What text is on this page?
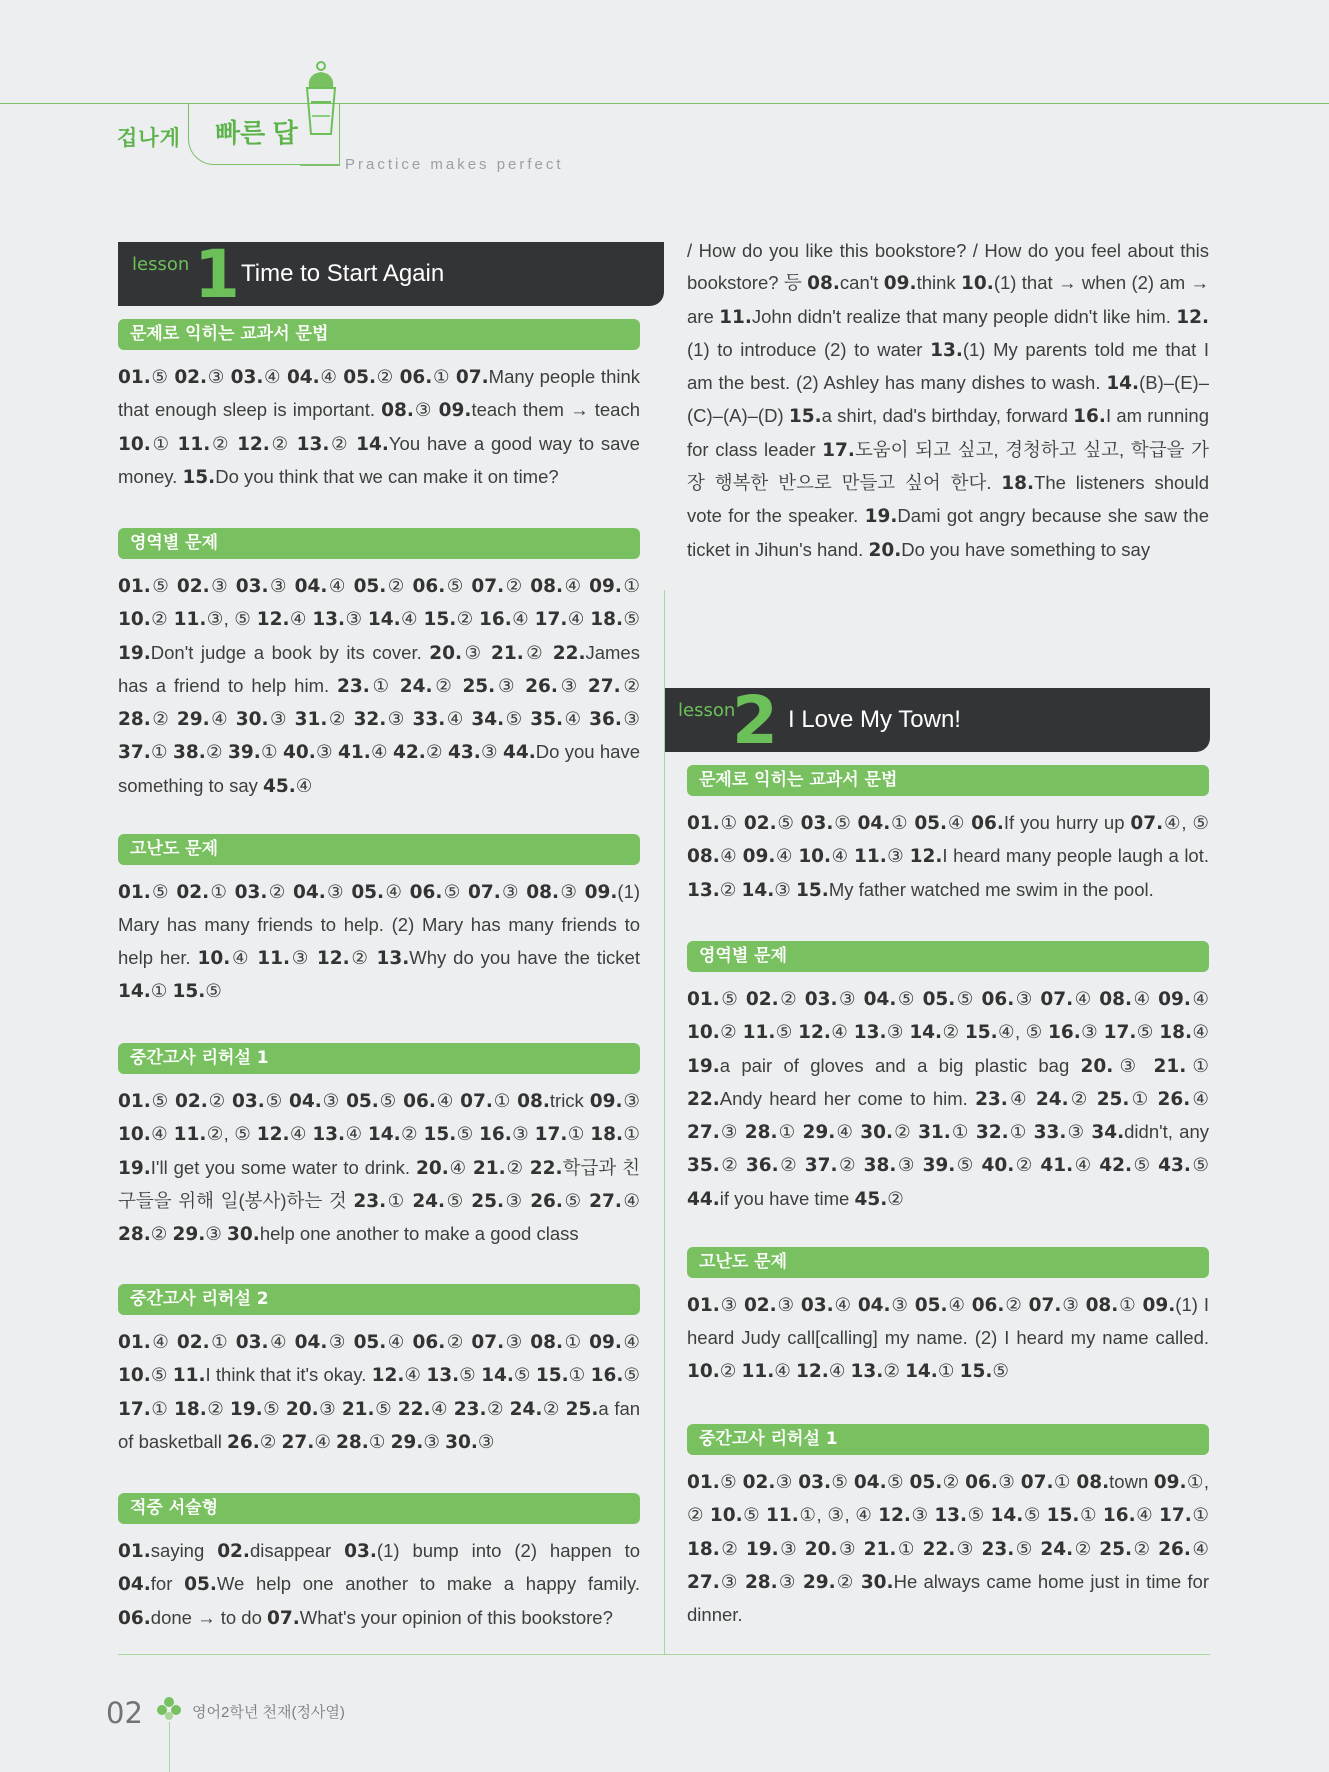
겁나게 빠른 답
Practice makes perfect
lesson 1 Time to Start Again
문제로 익히는 교과서 문법
01.⑤ 02.③ 03.④ 04.④ 05.② 06.① 07.Many people think that enough sleep is important. 08.③ 09.teach them → teach 10.① 11.② 12.② 13.② 14.You have a good way to save money. 15.Do you think that we can make it on time?
영역별 문제
01.⑤ 02.③ 03.③ 04.④ 05.② 06.⑤ 07.② 08.④ 09.① 10.② 11.③, ⑤ 12.④ 13.③ 14.④ 15.② 16.④ 17.④ 18.⑤ 19.Don't judge a book by its cover. 20.③ 21.② 22.James has a friend to help him. 23.① 24.② 25.③ 26.③ 27.② 28.② 29.④ 30.③ 31.② 32.③ 33.④ 34.⑤ 35.④ 36.③ 37.① 38.② 39.① 40.③ 41.④ 42.② 43.③ 44.Do you have something to say 45.④
고난도 문제
01.⑤ 02.① 03.② 04.③ 05.④ 06.⑤ 07.③ 08.③ 09.(1) Mary has many friends to help. (2) Mary has many friends to help her. 10.④ 11.③ 12.② 13.Why do you have the ticket 14.① 15.⑤
중간고사 리허설 1
01.⑤ 02.② 03.⑤ 04.③ 05.⑤ 06.④ 07.① 08.trick 09.③ 10.④ 11.②, ⑤ 12.④ 13.④ 14.② 15.⑤ 16.③ 17.① 18.① 19.I'll get you some water to drink. 20.④ 21.② 22.학급과 친구들을 위해 일(봉사)하는 것 23.① 24.⑤ 25.③ 26.⑤ 27.④ 28.② 29.③ 30.help one another to make a good class
중간고사 리허설 2
01.④ 02.① 03.④ 04.③ 05.④ 06.② 07.③ 08.① 09.④ 10.⑤ 11.I think that it's okay. 12.④ 13.⑤ 14.⑤ 15.① 16.⑤ 17.① 18.② 19.⑤ 20.③ 21.⑤ 22.④ 23.② 24.② 25.a fan of basketball 26.② 27.④ 28.① 29.③ 30.③
적중 서술형
01.saying 02.disappear 03.(1) bump into (2) happen to 04.for 05.We help one another to make a happy family. 06.done → to do 07.What's your opinion of this bookstore?
/ How do you like this bookstore? / How do you feel about this bookstore? 등 08.can't 09.think 10.(1) that → when (2) am → are 11.John didn't realize that many people didn't like him. 12.(1) to introduce (2) to water 13.(1) My parents told me that I am the best. (2) Ashley has many dishes to wash. 14.(B)–(E)–(C)–(A)–(D) 15.a shirt, dad's birthday, forward 16.I am running for class leader 17.도움이 되고 싶고, 경청하고 싶고, 학급을 가장 행복한 반으로 만들고 싶어 한다. 18.The listeners should vote for the speaker. 19.Dami got angry because she saw the ticket in Jihun's hand. 20.Do you have something to say
lesson
2 I Love My Town!
문제로 익히는 교과서 문법
01.① 02.⑤ 03.⑤ 04.① 05.④ 06.If you hurry up 07.④, ⑤ 08.④ 09.④ 10.④ 11.③ 12.I heard many people laugh a lot. 13.② 14.③ 15.My father watched me swim in the pool.
영역별 문제
01.⑤ 02.② 03.③ 04.⑤ 05.⑤ 06.③ 07.④ 08.④ 09.④ 10.② 11.⑤ 12.④ 13.③ 14.② 15.④, ⑤ 16.③ 17.⑤ 18.④ 19.a pair of gloves and a big plastic bag 20.③ 21.① 22.Andy heard her come to him. 23.④ 24.② 25.① 26.④ 27.③ 28.① 29.④ 30.② 31.① 32.① 33.③ 34.didn't, any 35.② 36.② 37.② 38.③ 39.⑤ 40.② 41.④ 42.⑤ 43.⑤ 44.if you have time 45.②
고난도 문제
01.③ 02.③ 03.④ 04.③ 05.④ 06.② 07.③ 08.① 09.(1) I heard Judy call[calling] my name. (2) I heard my name called. 10.② 11.④ 12.④ 13.② 14.① 15.⑤
중간고사 리허설 1
01.⑤ 02.③ 03.⑤ 04.⑤ 05.② 06.③ 07.① 08.town 09.①, ② 10.⑤ 11.①, ③, ④ 12.③ 13.⑤ 14.⑤ 15.① 16.④ 17.① 18.② 19.③ 20.③ 21.① 22.③ 23.⑤ 24.② 25.② 26.④ 27.③ 28.③ 29.② 30.He always came home just in time for dinner.
02	영어2학년 천재(정사열)
